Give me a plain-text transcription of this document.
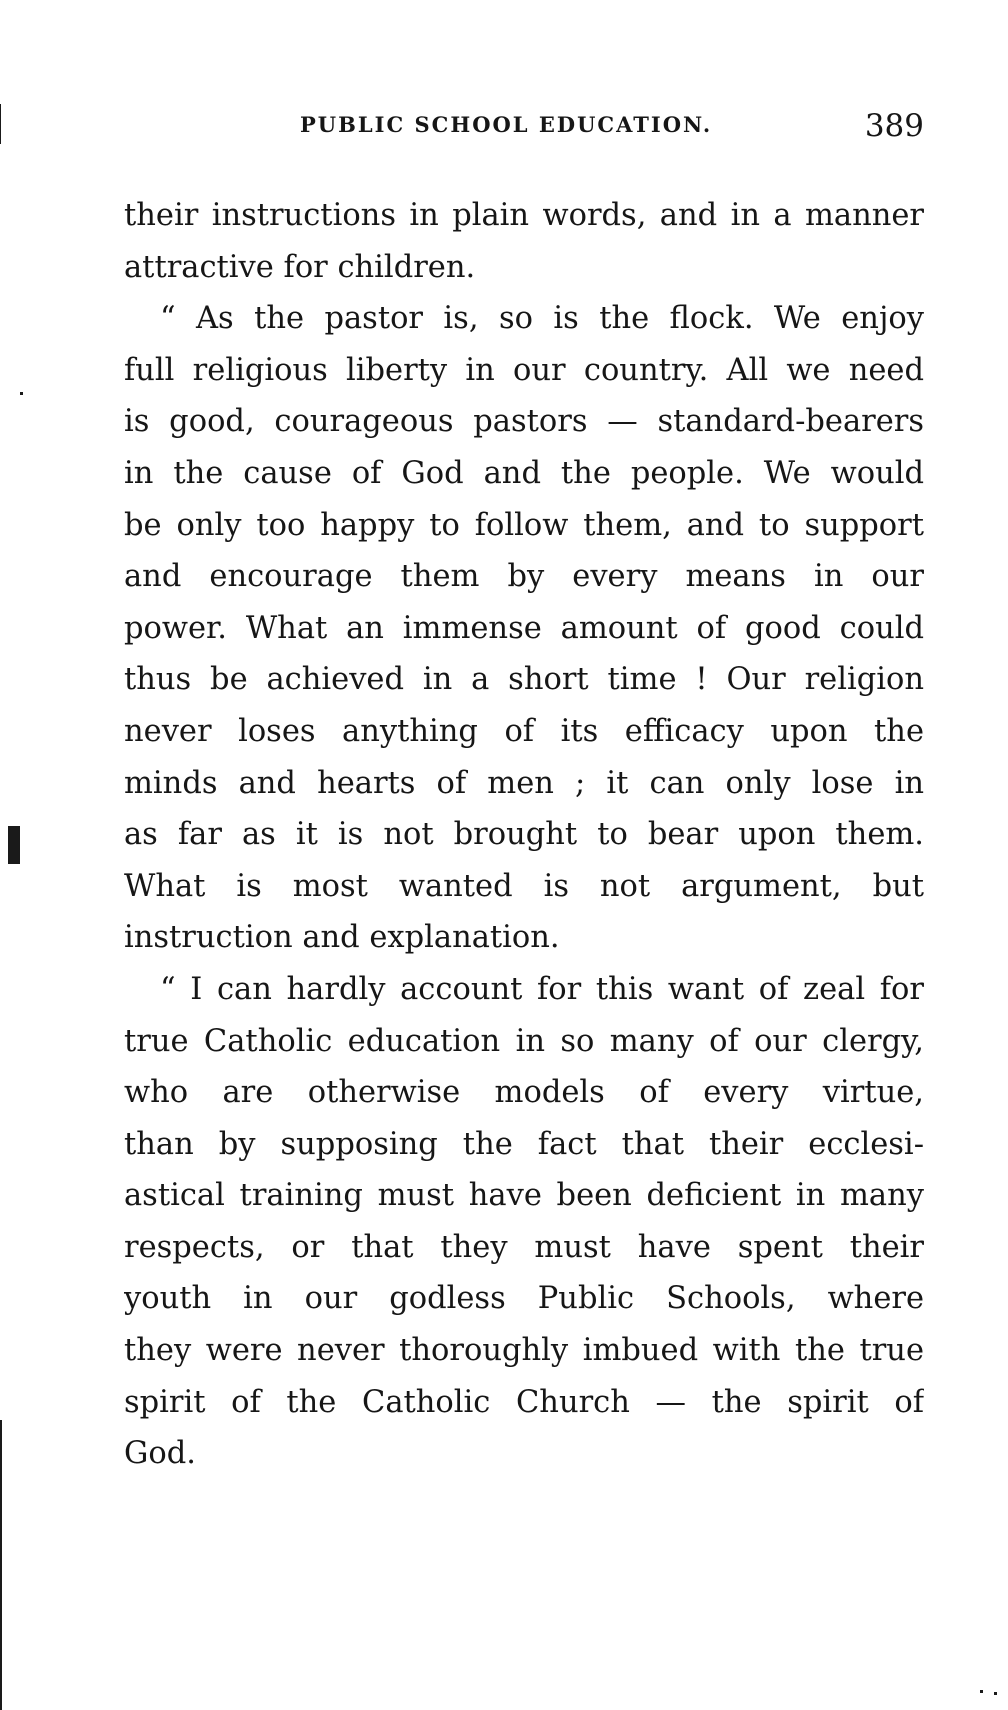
PUBLIC SCHOOL EDUCATION.	389
their instructions in plain words, and in a manner
attractive for children.
“ As the pastor is, so is the flock. We enjoy
full religious liberty in our country. All we need
is good, courageous pastors — standard-bearers
in the cause of God and the people. We would
be only too happy to follow them, and to support
and encourage them by every means in our
power. What an immense amount of good could
thus be achieved in a short time ! Our religion
never loses anything of its efficacy upon the
minds and hearts of men ; it can only lose in
as far as it is not brought to bear upon them.
What is most wanted is not argument, but
instruction and explanation.
“ I can hardly account for this want of zeal for
true Catholic education in so many of our clergy,
who are otherwise models of every virtue,
than by supposing the fact that their ecclesi-
astical training must have been deficient in many
respects, or that they must have spent their
youth in our godless Public Schools, where
they were never thoroughly imbued with the true
spirit of the Catholic Church — the spirit of
God.
